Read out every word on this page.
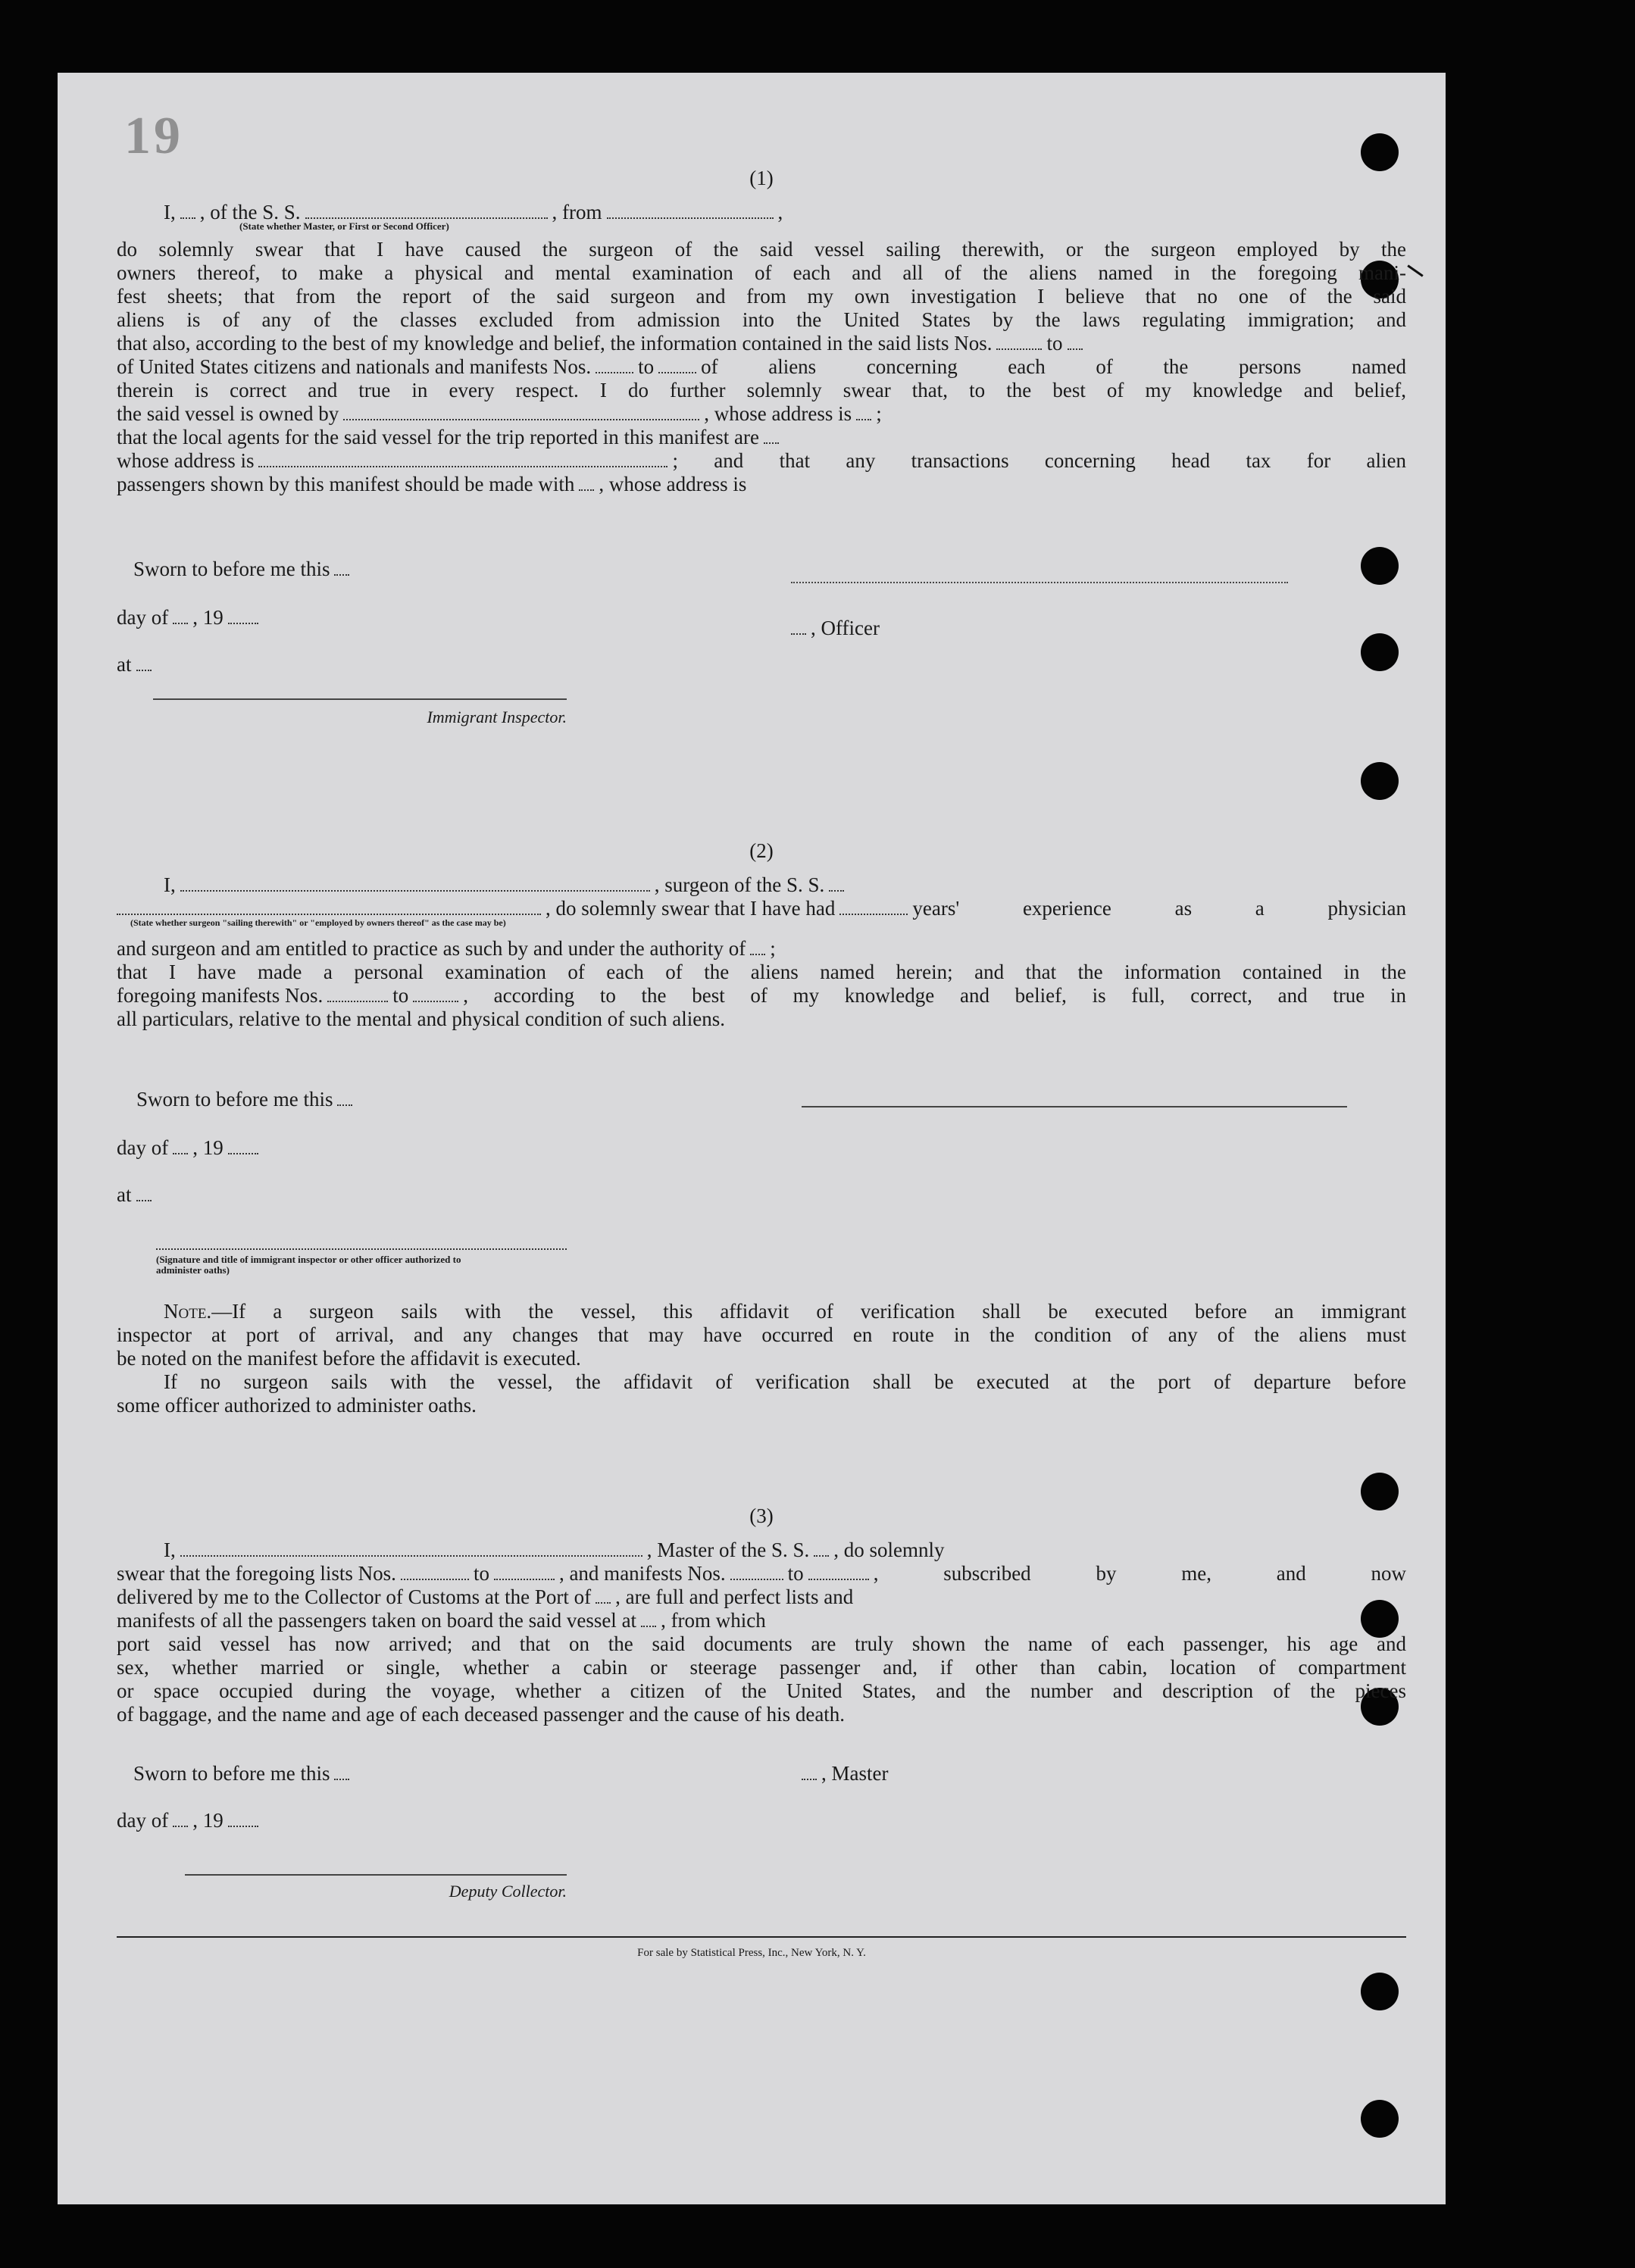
19

(1)

I, , of the S. S.	, from	,
(State whether Master, or First or Second Officer)
do solemnly swear that I have caused the surgeon of the said vessel sailing therewith, or the surgeon employed by the
owners thereof, to make a physical and mental examination of each and all of the aliens named in the foregoing mani-
fest sheets; that from the report of the said surgeon and from my own investigation I believe that no one of the said
aliens is of any of the classes excluded from admission into the United States by the laws regulating immigration; and
that also, according to the best of my knowledge and belief, the information contained in the said lists Nos.	to
of United States citizens and nationals and manifests Nos. to of aliens concerning each of the persons named
therein is correct and true in every respect. I do further solemnly swear that, to the best of my knowledge and belief,
the said vessel is owned by	, whose address is ;
that the local agents for the said vessel for the trip reported in this manifest are
whose address is	; and that any transactions concerning head tax for alien
passengers shown by this manifest should be made with , whose address is
Sworn to before me this
day of , 19
at
Immigrant Inspector.
, Officer

(2)

I,	, surgeon of the S. S.
, do solemnly swear that I have had	years' experience as a physician
(State whether surgeon "sailing therewith" or "employed by owners thereof" as the case may be)
and surgeon and am entitled to practice as such by and under the authority of ;
that I have made a personal examination of each of the aliens named herein; and that the information contained in the
foregoing manifests Nos.	to	, according to the best of my knowledge and belief, is full, correct, and true in
all particulars, relative to the mental and physical condition of such aliens.
Sworn to before me this
day of , 19
at
(Signature and title of immigrant inspector or other officer authorized to administer oaths)
Note.—If a surgeon sails with the vessel, this affidavit of verification shall be executed before an immigrant
inspector at port of arrival, and any changes that may have occurred en route in the condition of any of the aliens must
be noted on the manifest before the affidavit is executed.
If no surgeon sails with the vessel, the affidavit of verification shall be executed at the port of departure before
some officer authorized to administer oaths.

(3)

I,	, Master of the S. S. , do solemnly
swear that the foregoing lists Nos.	to	, and manifests Nos.	to	, subscribed by me, and now
delivered by me to the Collector of Customs at the Port of , are full and perfect lists and
manifests of all the passengers taken on board the said vessel at , from which
port said vessel has now arrived; and that on the said documents are truly shown the name of each passenger, his age and
sex, whether married or single, whether a cabin or steerage passenger and, if other than cabin, location of compartment
or space occupied during the voyage, whether a citizen of the United States, and the number and description of the pieces
of baggage, and the name and age of each deceased passenger and the cause of his death.
Sworn to before me this	, Master
day of , 19
Deputy Collector.
For sale by Statistical Press, Inc., New York, N. Y.
